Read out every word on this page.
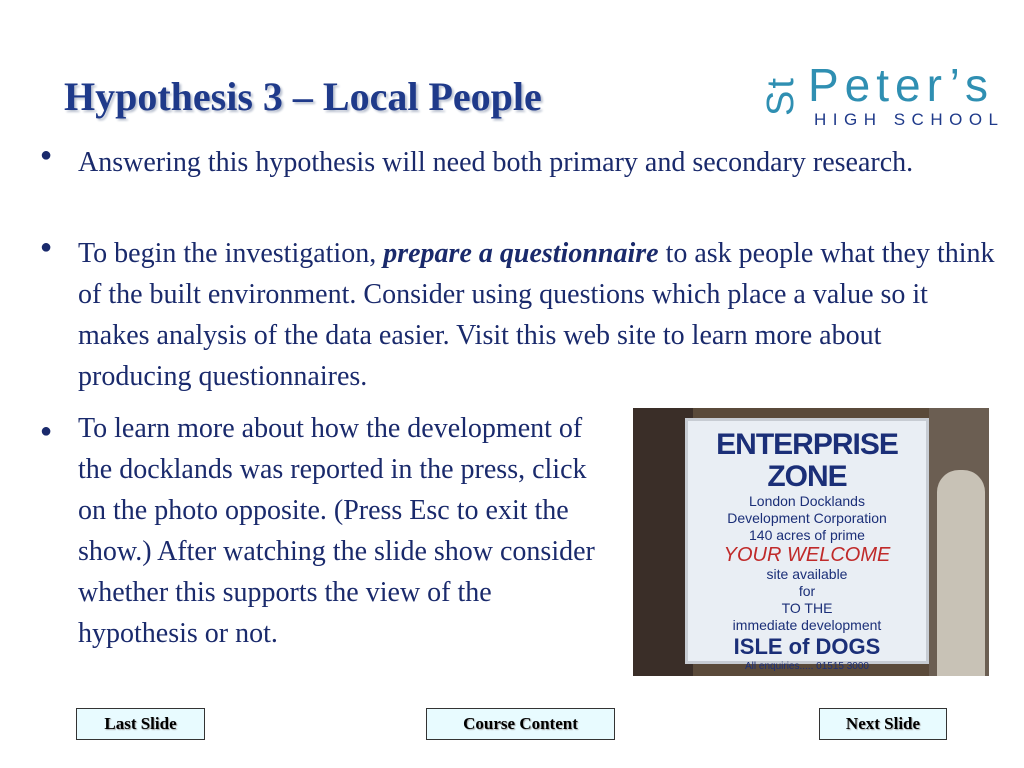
Hypothesis 3 – Local People	St Peter’s
HIGH SCHOOL
● Answering this hypothesis will need both primary and secondary research.
● To begin the investigation, prepare a questionnaire to ask people what they think of the built environment. Consider using questions which place a value so it makes analysis of the data easier. Visit this web site to learn more about producing questionnaires.
● To learn more about how the development of the docklands was reported in the press, click on the photo opposite. (Press Esc to exit the show.) After watching the slide show consider whether this supports the view of the hypothesis or not.
ENTERPRISE ZONE
London Docklands
Development Corporation
140 acres of prime
YOUR WELCOME
site available
for
TO THE
immediate development
ISLE of DOGS
All enquiries..... 01515 3000
Last Slide	Course Content	Next Slide
